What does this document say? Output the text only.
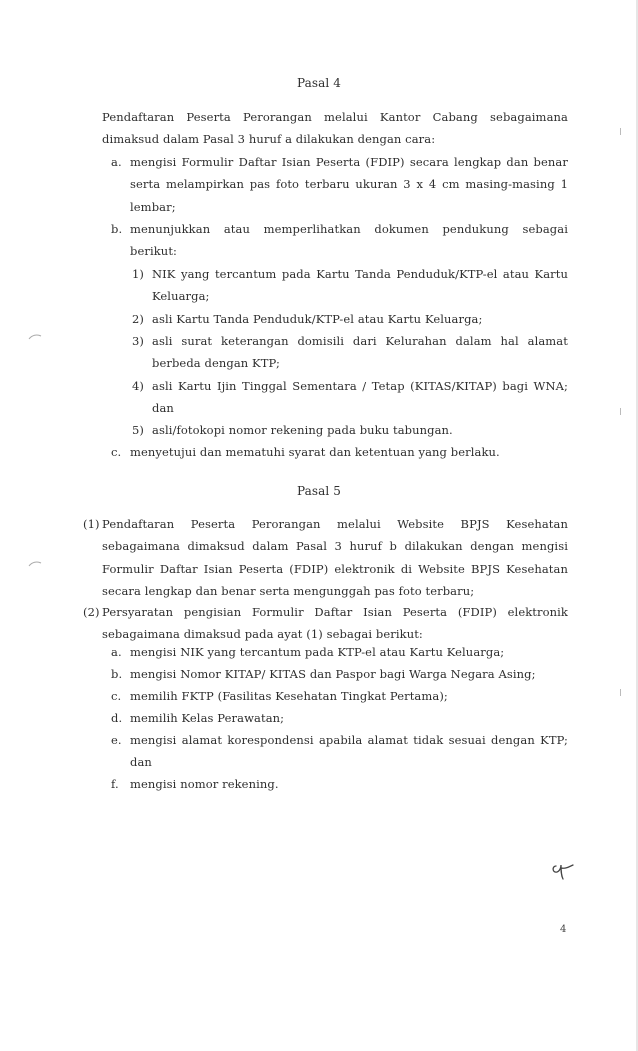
Pasal 4
Pendaftaran Peserta Perorangan melalui Kantor Cabang sebagaimana dimaksud dalam Pasal 3 huruf a dilakukan dengan cara:
a. mengisi Formulir Daftar Isian Peserta (FDIP) secara lengkap dan benar serta melampirkan pas foto terbaru ukuran 3 x 4 cm masing-masing 1 lembar;
b. menunjukkan atau memperlihatkan dokumen pendukung sebagai berikut:
1) NIK yang tercantum pada Kartu Tanda Penduduk/KTP-el atau Kartu Keluarga;
2) asli Kartu Tanda Penduduk/KTP-el atau Kartu Keluarga;
3) asli surat keterangan domisili dari Kelurahan dalam hal alamat berbeda dengan KTP;
4) asli Kartu Ijin Tinggal Sementara / Tetap (KITAS/KITAP) bagi WNA; dan
5) asli/fotokopi nomor rekening pada buku tabungan.
c. menyetujui dan mematuhi syarat dan ketentuan yang berlaku.
Pasal 5
(1) Pendaftaran Peserta Perorangan melalui Website BPJS Kesehatan sebagaimana dimaksud dalam Pasal 3 huruf b dilakukan dengan mengisi Formulir Daftar Isian Peserta (FDIP) elektronik di Website BPJS Kesehatan secara lengkap dan benar serta mengunggah pas foto terbaru;
(2) Persyaratan pengisian Formulir Daftar Isian Peserta (FDIP) elektronik sebagaimana dimaksud pada ayat (1) sebagai berikut:
a. mengisi NIK yang tercantum pada KTP-el atau Kartu Keluarga;
b. mengisi Nomor KITAP/ KITAS dan Paspor bagi Warga Negara Asing;
c. memilih FKTP (Fasilitas Kesehatan Tingkat Pertama);
d. memilih Kelas Perawatan;
e. mengisi alamat korespondensi apabila alamat tidak sesuai dengan KTP; dan
f. mengisi nomor rekening.
4
